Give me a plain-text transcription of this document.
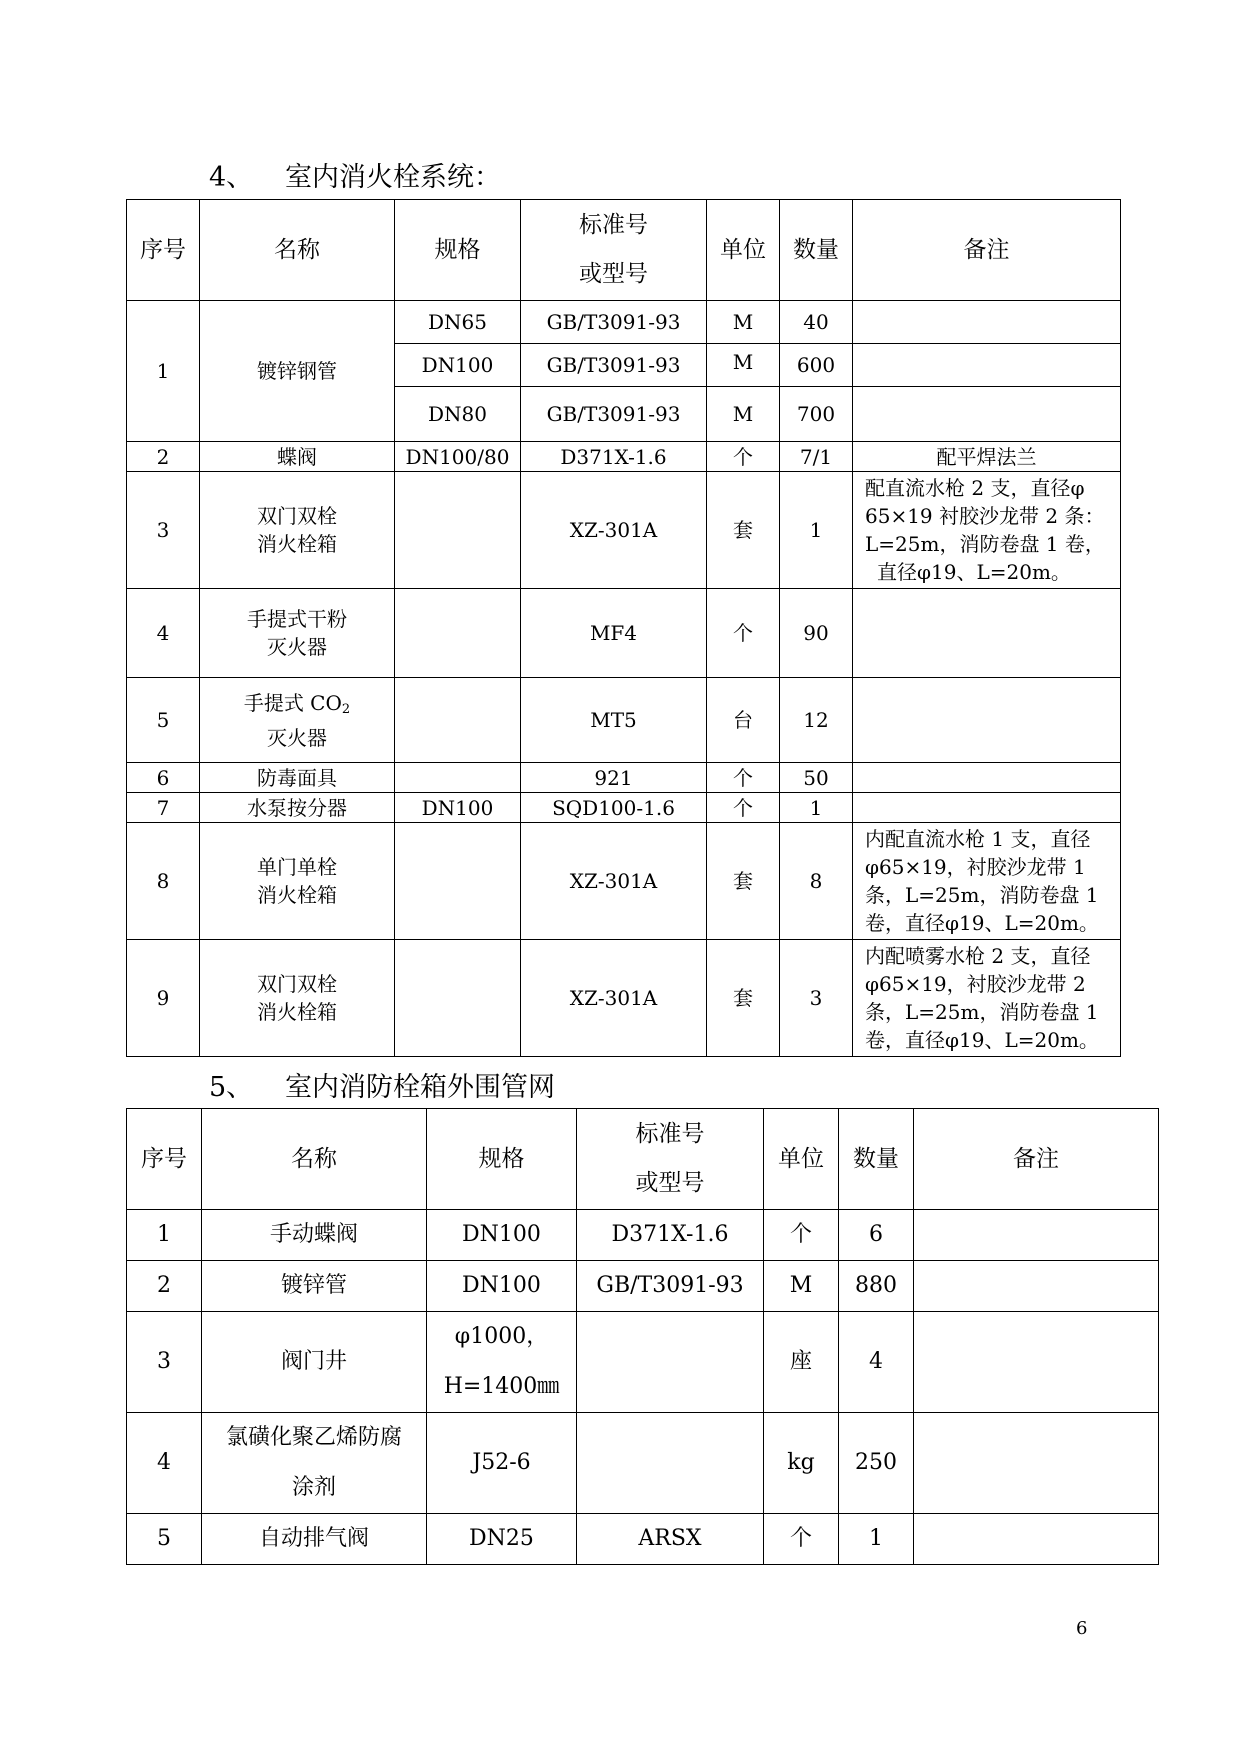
4、 室内消火栓系统：
序号	名称	规格	标准号
或型号	单位	数量	备注
1	镀锌钢管	DN65	GB/T3091-93	M	40	
		DN100	GB/T3091-93	M	600	
		DN80	GB/T3091-93	M	700	
2	蝶阀	DN100/80	D371X-1.6	个	7/1	配平焊法兰
3	双门双栓
消火栓箱		XZ-301A	套	1	配直流水枪 2 支，直径φ
65×19 衬胶沙龙带 2 条：
L=25m，消防卷盘 1 卷，
直径φ19、L=20m。

4	手提式干粉
灭火器		MF4	个	90	
5	手提式 $CO_2$
灭火器		MT5	台	12	
6	防毒面具		921	个	50	
7	水泵按分器	DN100	SQD100-1.6	个	1	
8	单门单栓
消火栓箱		XZ-301A	套	8	内配直流水枪 1 支，直径
φ65×19，衬胶沙龙带 1
条，L=25m，消防卷盘 1
卷，直径φ19、L=20m。

9	双门双栓
消火栓箱		XZ-301A	套	3	内配喷雾水枪 2 支，直径
φ65×19，衬胶沙龙带 2
条，L=25m，消防卷盘 1
卷，直径φ19、L=20m。
5、 室内消防栓箱外围管网
序号	名称	规格	标准号
或型号	单位	数量	备注
1	手动蝶阀	DN100	D371X-1.6	个	6	
2	镀锌管	DN100	GB/T3091-93	M	880	
3	阀门井	φ1000，
H=1400㎜		座	4	
4	氯磺化聚乙烯防腐
涂剂	J52-6		kg	250	
5	自动排气阀	DN25	ARSX	个	1	
6
